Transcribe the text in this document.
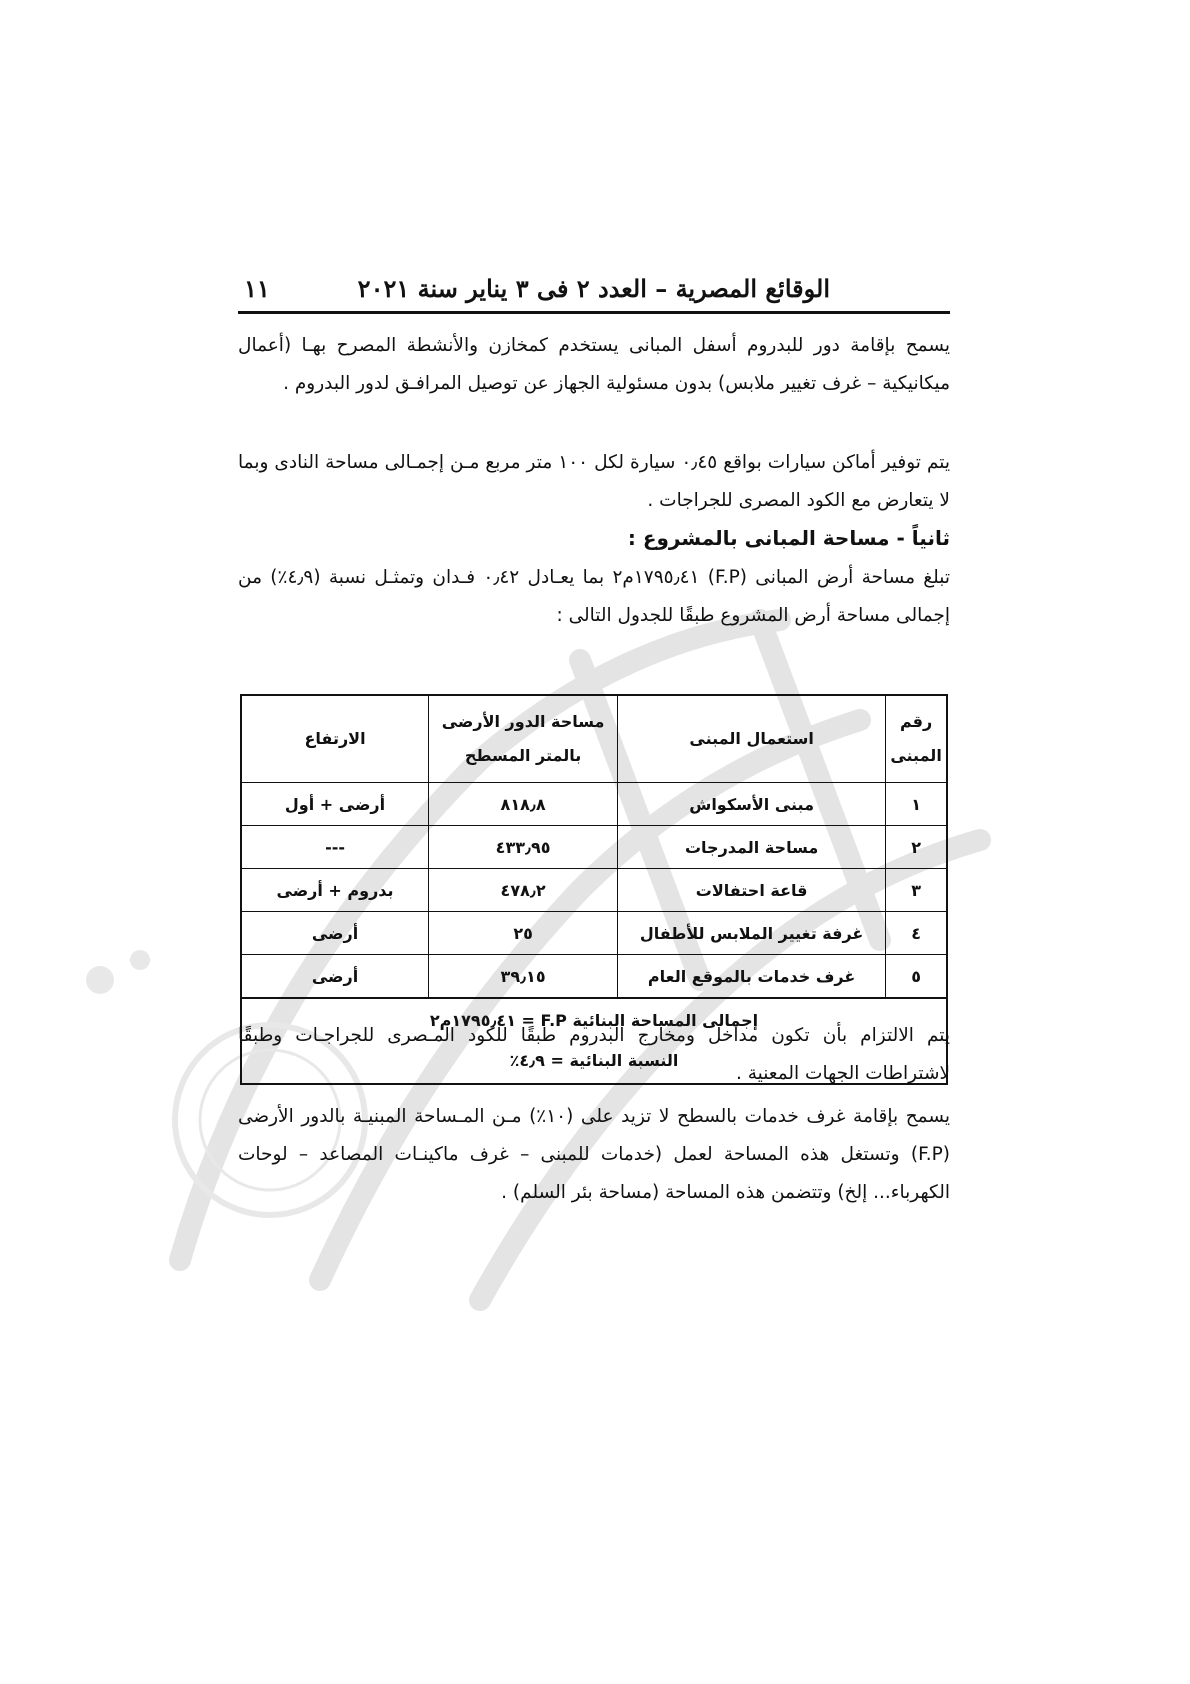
الوقائع المصرية – العدد ٢ فى ٣ يناير سنة ٢٠٢١
١١
يسمح بإقامة دور للبدروم أسفل المبانى يستخدم كمخازن والأنشطة المصرح بهـا (أعمال ميكانيكية – غرف تغيير ملابس) بدون مسئولية الجهاز عن توصيل المرافـق لدور البدروم .
يتم توفير أماكن سيارات بواقع ٠٫٤٥ سيارة لكل ١٠٠ متر مربع مـن إجمـالى مساحة النادى وبما لا يتعارض مع الكود المصرى للجراجات .
ثانياً - مساحة المبانى بالمشروع :
تبلغ مساحة أرض المبانى (F.P) ١٧٩٥٫٤١م٢ بما يعـادل ٠٫٤٢ فـدان وتمثـل نسبة (٤٫٩٪) من إجمالى مساحة أرض المشروع طبقًا للجدول التالى :
رقم المبنى	استعمال المبنى	مساحة الدور الأرضى بالمتر المسطح	الارتفاع
١	مبنى الأسكواش	٨١٨٫٨	أرضى + أول
٢	مساحة المدرجات	٤٣٣٫٩٥	---
٣	قاعة احتفالات	٤٧٨٫٢	بدروم + أرضى
٤	غرفة تغيير الملابس للأطفال	٢٥	أرضى
٥	غرف خدمات بالموقع العام	٣٩٫١٥	أرضى

إجمالى المساحة البنائية F.P = ١٧٩٥٫٤١م٢
النسبة البنائية = ٤٫٩٪			
يتم الالتزام بأن تكون مداخل ومخارج البدروم طبقًا للكود المـصرى للجراجـات وطبقًا لاشتراطات الجهات المعنية .
يسمح بإقامة غرف خدمات بالسطح لا تزيد على (١٠٪) مـن المـساحة المبنيـة بالدور الأرضى (F.P) وتستغل هذه المساحة لعمل (خدمات للمبنى – غرف ماكينـات المصاعد – لوحات الكهرباء... إلخ) وتتضمن هذه المساحة (مساحة بئر السلم) .
